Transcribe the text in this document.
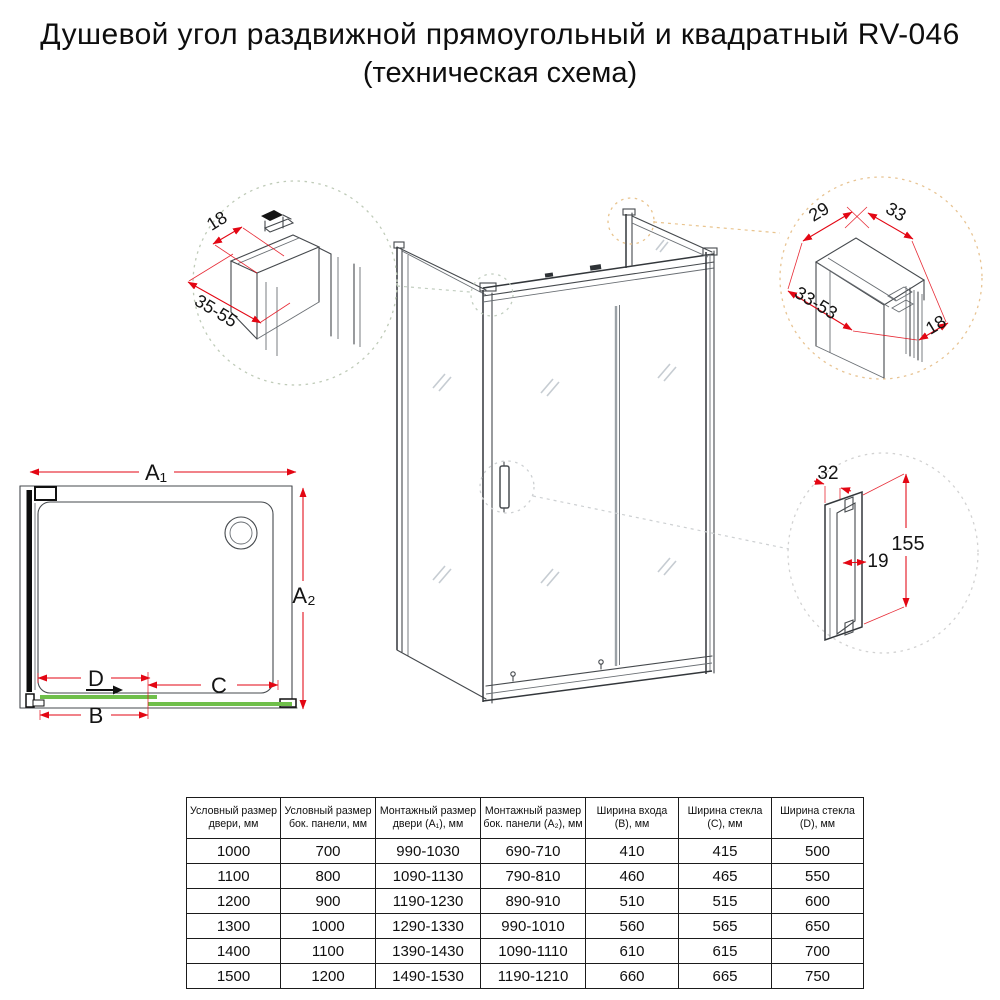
Душевой угол раздвижной прямоугольный и квадратный RV-046
(техническая схема)
18
35-55
29	33
33-53
18
32
155
19
A₁
A₂
D	C
B
Условный размер двери, мм	Условный размер бок. панели, мм	Монтажный размер двери (A₁), мм	Монтажный размер бок. панели (A₂), мм	Ширина входа (B), мм	Ширина стекла (C), мм	Ширина стекла (D), мм
1000	700	990-1030	690-710	410	415	500
1100	800	1090-1130	790-810	460	465	550
1200	900	1190-1230	890-910	510	515	600
1300	1000	1290-1330	990-1010	560	565	650
1400	1100	1390-1430	1090-1110	610	615	700
1500	1200	1490-1530	1190-1210	660	665	750
